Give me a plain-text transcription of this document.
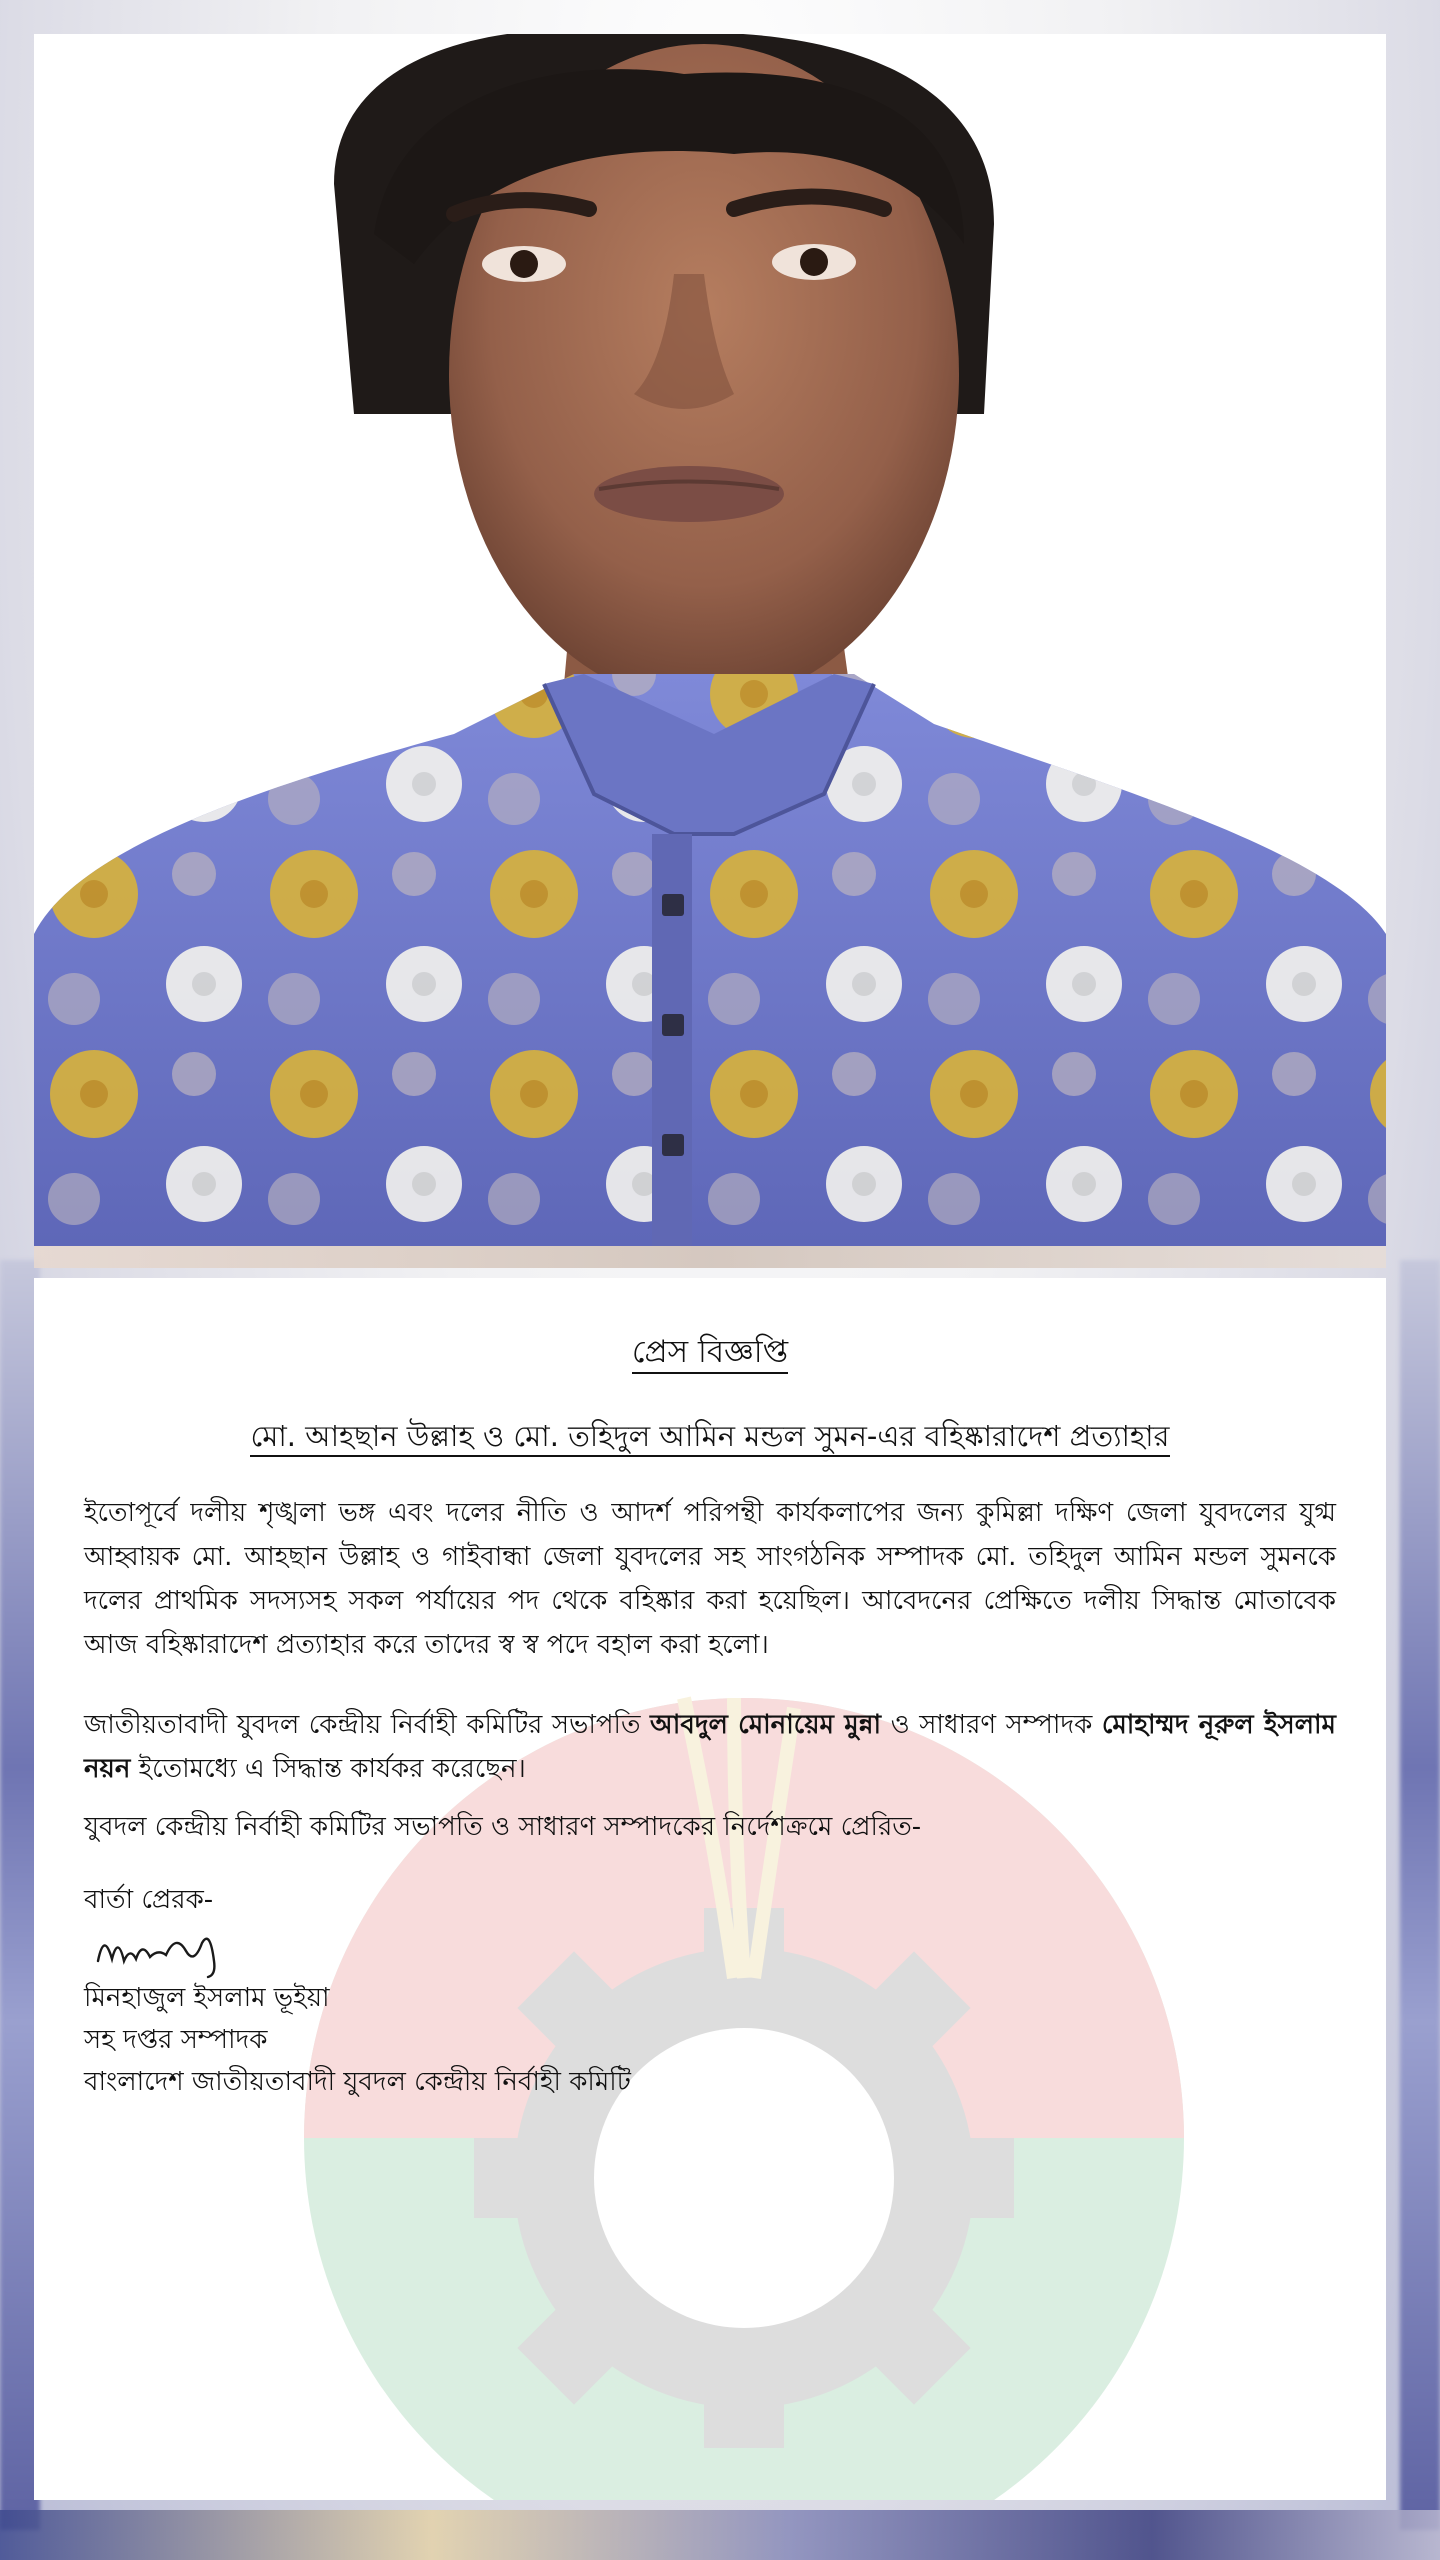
প্রেস বিজ্ঞপ্তি
মো. আহছান উল্লাহ ও মো. তহিদুল আমিন মন্ডল সুমন-এর বহিষ্কারাদেশ প্রত্যাহার
ইতোপূর্বে দলীয় শৃঙ্খলা ভঙ্গ এবং দলের নীতি ও আদর্শ পরিপন্থী কার্যকলাপের জন্য কুমিল্লা দক্ষিণ জেলা যুবদলের যুগ্ম আহ্বায়ক মো. আহছান উল্লাহ ও গাইবান্ধা জেলা যুবদলের সহ সাংগঠনিক সম্পাদক মো. তহিদুল আমিন মন্ডল সুমনকে দলের প্রাথমিক সদস্যসহ সকল পর্যায়ের পদ থেকে বহিষ্কার করা হয়েছিল। আবেদনের প্রেক্ষিতে দলীয় সিদ্ধান্ত মোতাবেক আজ বহিষ্কারাদেশ প্রত্যাহার করে তাদের স্ব স্ব পদে বহাল করা হলো।
জাতীয়তাবাদী যুবদল কেন্দ্রীয় নির্বাহী কমিটির সভাপতি আবদুল মোনায়েম মুন্না ও সাধারণ সম্পাদক মোহাম্মদ নূরুল ইসলাম নয়ন ইতোমধ্যে এ সিদ্ধান্ত কার্যকর করেছেন।
যুবদল কেন্দ্রীয় নির্বাহী কমিটির সভাপতি ও সাধারণ সম্পাদকের নির্দেশক্রমে প্রেরিত-
বার্তা প্রেরক-
মিনহাজুল ইসলাম ভূইয়া
সহ দপ্তর সম্পাদক
বাংলাদেশ জাতীয়তাবাদী যুবদল কেন্দ্রীয় নির্বাহী কমিটি
